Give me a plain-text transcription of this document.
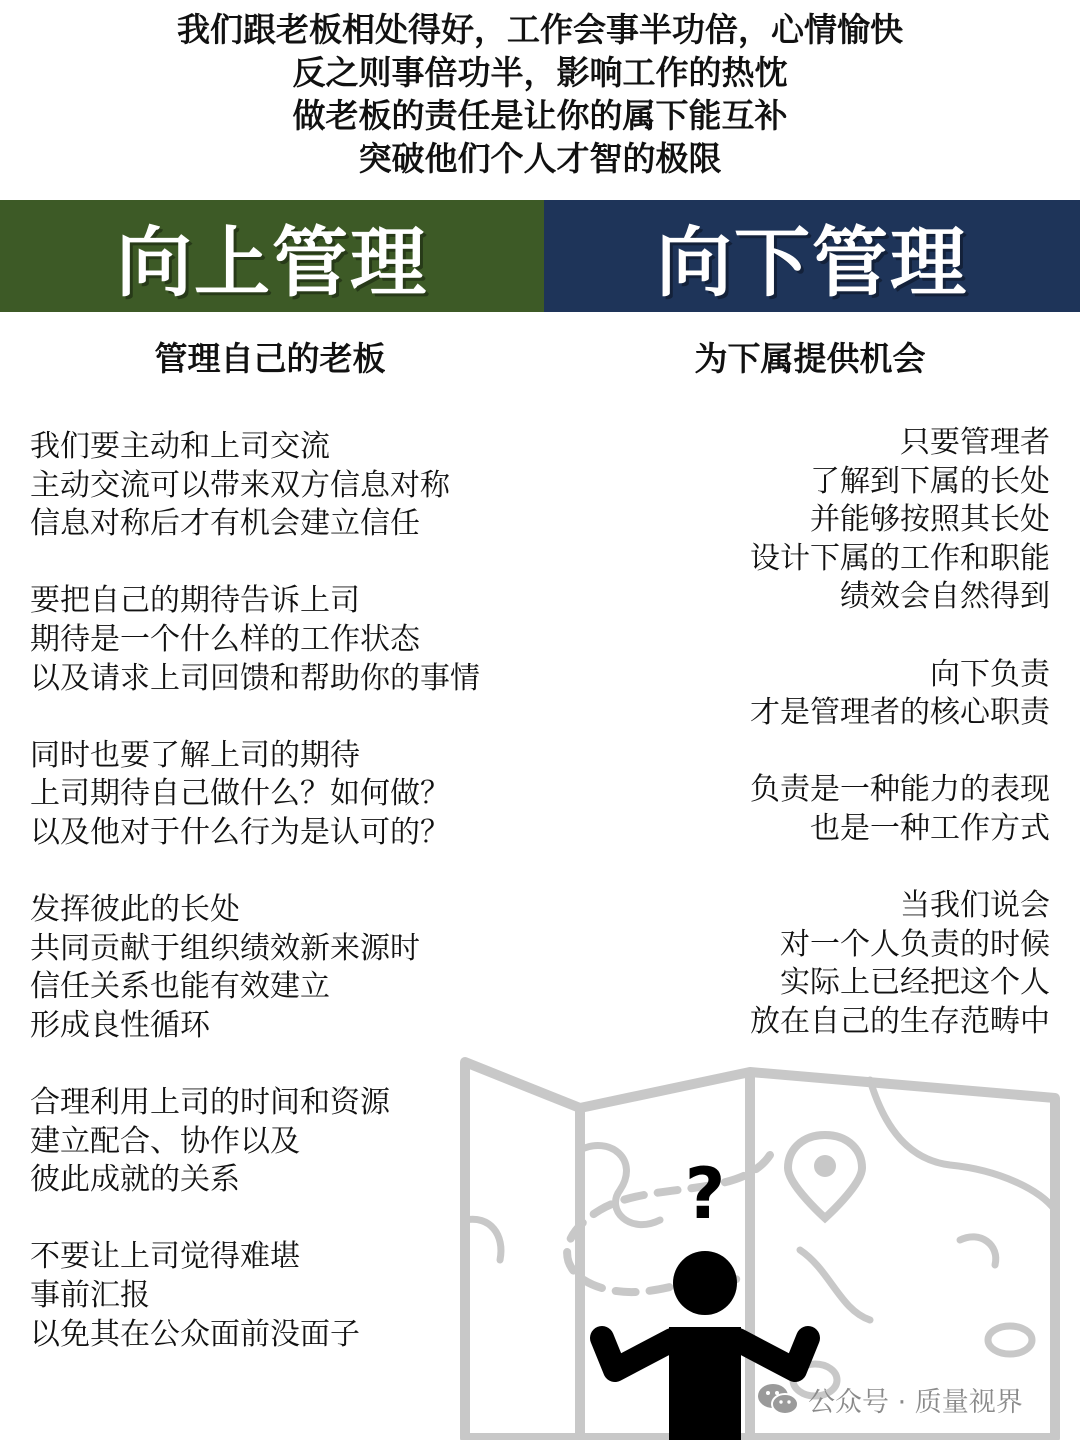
我们跟老板相处得好，工作会事半功倍，心情愉快
反之则事倍功半，影响工作的热忱
做老板的责任是让你的属下能互补
突破他们个人才智的极限
向上管理	向下管理
管理自己的老板	为下属提供机会
我们要主动和上司交流
主动交流可以带来双方信息对称
信息对称后才有机会建立信任
要把自己的期待告诉上司
期待是一个什么样的工作状态
以及请求上司回馈和帮助你的事情
同时也要了解上司的期待
上司期待自己做什么？如何做？
以及他对于什么行为是认可的？
发挥彼此的长处
共同贡献于组织绩效新来源时
信任关系也能有效建立
形成良性循环
合理利用上司的时间和资源
建立配合、协作以及
彼此成就的关系
不要让上司觉得难堪
事前汇报
以免其在公众面前没面子
只要管理者
了解到下属的长处
并能够按照其长处
设计下属的工作和职能
绩效会自然得到
向下负责
才是管理者的核心职责
负责是一种能力的表现
也是一种工作方式
当我们说会
对一个人负责的时候
实际上已经把这个人
放在自己的生存范畴中
?
公众号 · 质量视界
